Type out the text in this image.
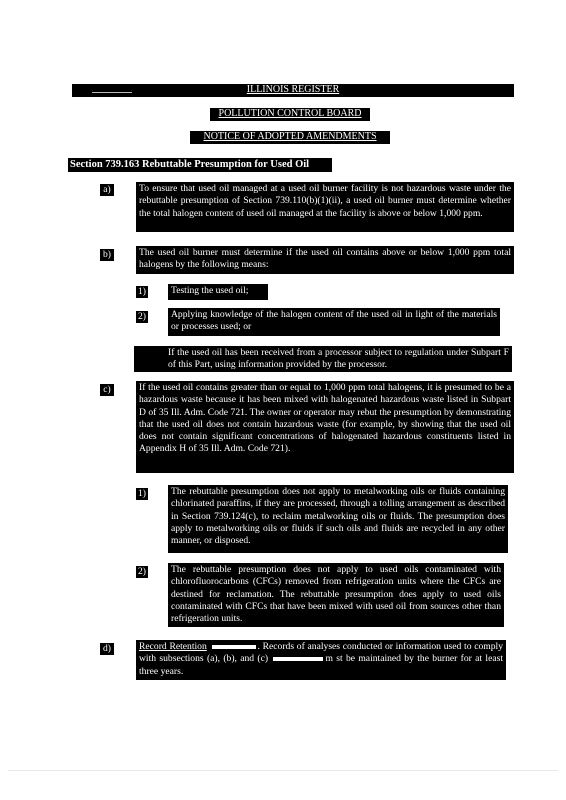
ILLINOIS REGISTER
POLLUTION CONTROL BOARD
NOTICE OF ADOPTED AMENDMENTS
Section 739.163 Rebuttable Presumption for Used Oil
a)	To ensure that used oil managed at a used oil burner facility is not hazardous waste under the rebuttable presumption of Section 739.110(b)(1)(ii), a used oil burner must determine whether the total halogen content of used oil managed at the facility is above or below 1,000 ppm.
b)	The used oil burner must determine if the used oil contains above or below 1,000 ppm total halogens by the following means:
1)	Testing the used oil;
2)	Applying knowledge of the halogen content of the used oil in light of the materials or processes used; or
If the used oil has been received from a processor subject to regulation under Subpart F of this Part, using information provided by the processor.
c)	If the used oil contains greater than or equal to 1,000 ppm total halogens, it is presumed to be a hazardous waste because it has been mixed with halogenated hazardous waste listed in Subpart D of 35 Ill. Adm. Code 721. The owner or operator may rebut the presumption by demonstrating that the used oil does not contain hazardous waste (for example, by showing that the used oil does not contain significant concentrations of halogenated hazardous constituents listed in Appendix H of 35 Ill. Adm. Code 721).
1)	The rebuttable presumption does not apply to metalworking oils or fluids containing chlorinated paraffins, if they are processed, through a tolling arrangement as described in Section 739.124(c), to reclaim metalworking oils or fluids. The presumption does apply to metalworking oils or fluids if such oils and fluids are recycled in any other manner, or disposed.
2)	The rebuttable presumption does not apply to used oils contaminated with chlorofluorocarbons (CFCs) removed from refrigeration units where the CFCs are destined for reclamation. The rebuttable presumption does apply to used oils contaminated with CFCs that have been mixed with used oil from sources other than refrigeration units.
d)	Record Retention	. Records of analyses conducted or information used to comply with subsections (a), (b), and (c)	m st be maintained by the burner for at least three years.
